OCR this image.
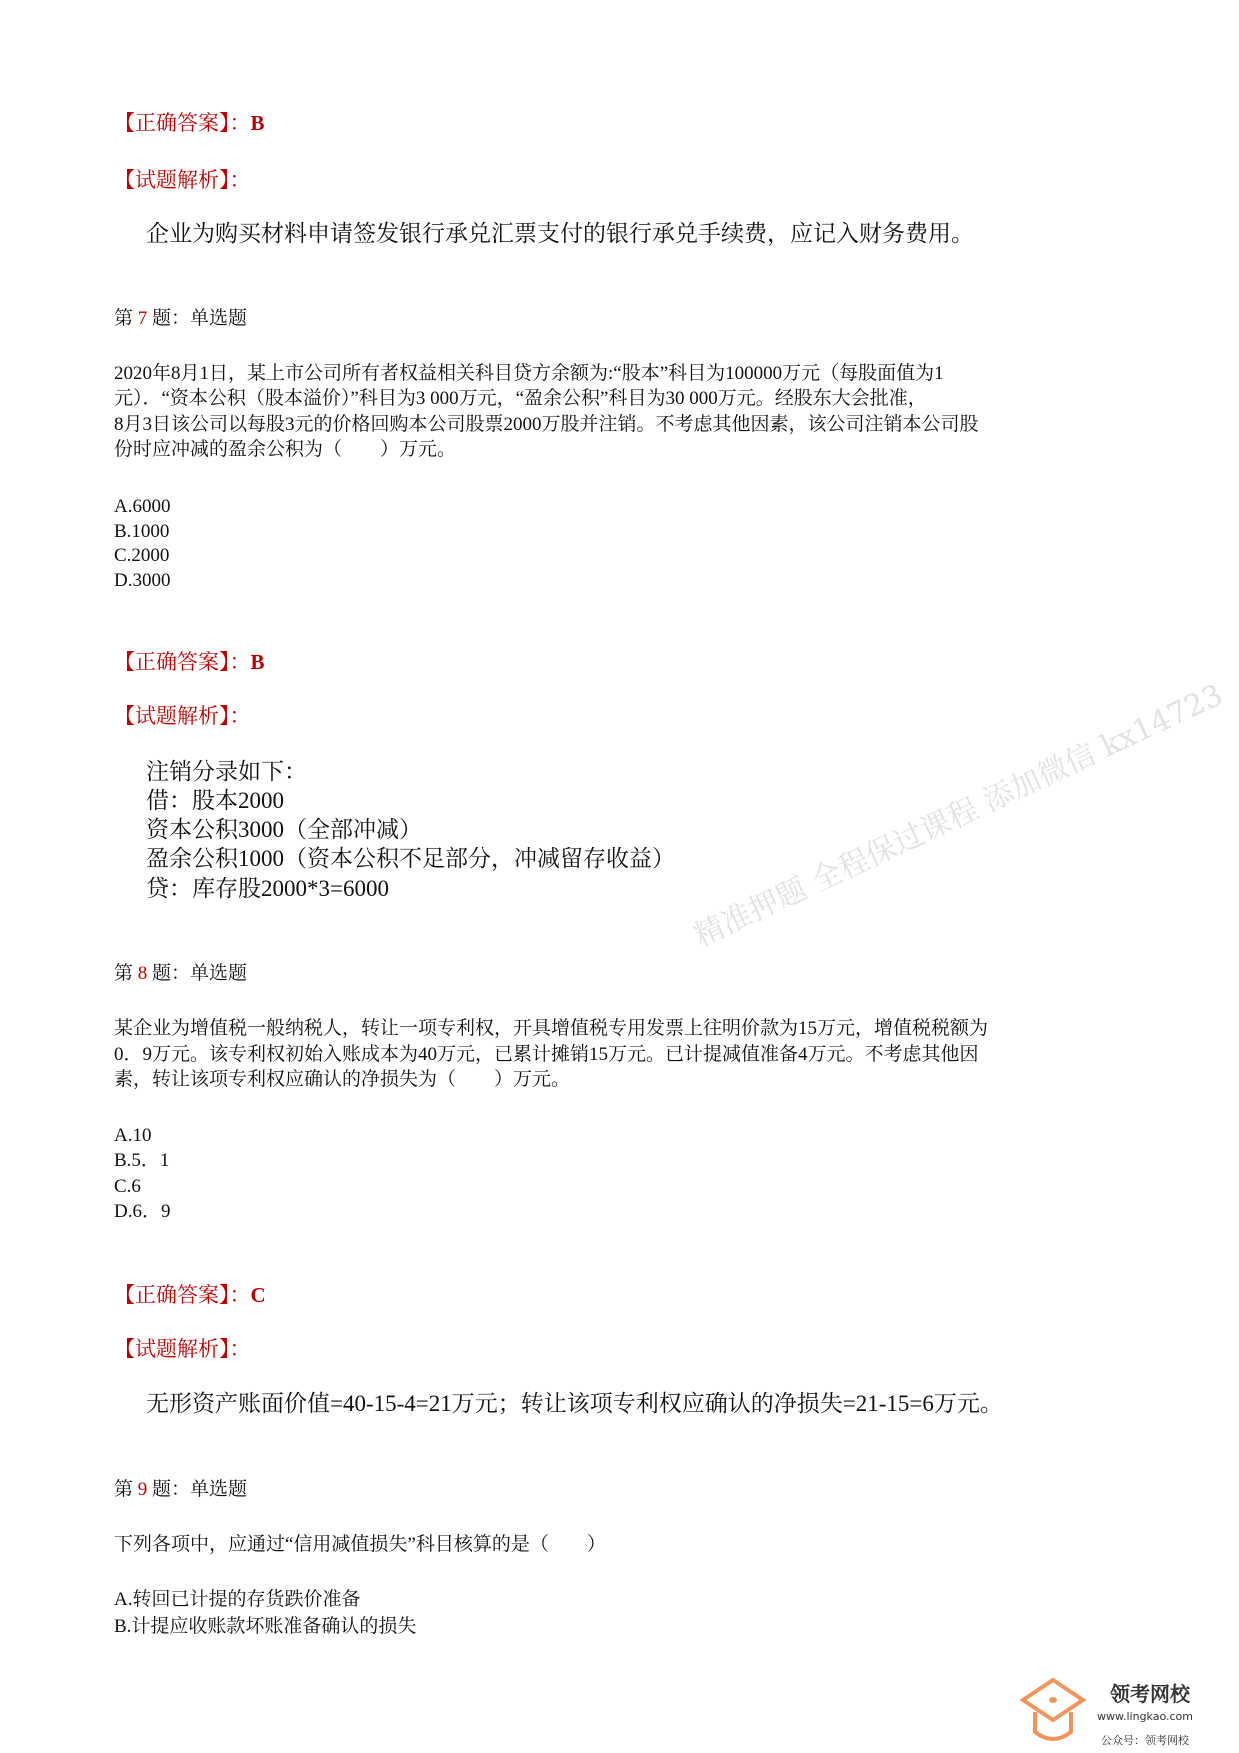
精准押题 全程保过课程 添加微信 kx14723
【正确答案】：B
【试题解析】：
企业为购买材料申请签发银行承兑汇票支付的银行承兑手续费，应记入财务费用。
第 7 题：单选题
2020年8月1日，某上市公司所有者权益相关科目贷方余额为:“股本”科目为100000万元（每股面值为1
元）．“资本公积（股本溢价）”科目为3 000万元，“盈余公积”科目为30 000万元。经股东大会批准，
8月3日该公司以每股3元的价格回购本公司股票2000万股并注销。不考虑其他因素，该公司注销本公司股
份时应冲减的盈余公积为（　　）万元。
A.6000
B.1000
C.2000
D.3000
【正确答案】：B
【试题解析】：
注销分录如下：
借：股本2000
资本公积3000（全部冲减）
盈余公积1000（资本公积不足部分，冲减留存收益）
贷：库存股2000*3=6000
第 8 题：单选题
某企业为增值税一般纳税人，转让一项专利权，开具增值税专用发票上往明价款为15万元，增值税税额为
0．9万元。该专利权初始入账成本为40万元，已累计摊销15万元。已计提减值准备4万元。不考虑其他因
素，转让该项专利权应确认的净损失为（　　）万元。
A.10
B.5．1
C.6
D.6．9
【正确答案】：C
【试题解析】：
无形资产账面价值=40-15-4=21万元；转让该项专利权应确认的净损失=21-15=6万元。
第 9 题：单选题
下列各项中，应通过“信用减值损失”科目核算的是（　　）
A.转回已计提的存货跌价准备
B.计提应收账款坏账准备确认的损失
领考网校
www.lingkao.com
公众号：领考网校
